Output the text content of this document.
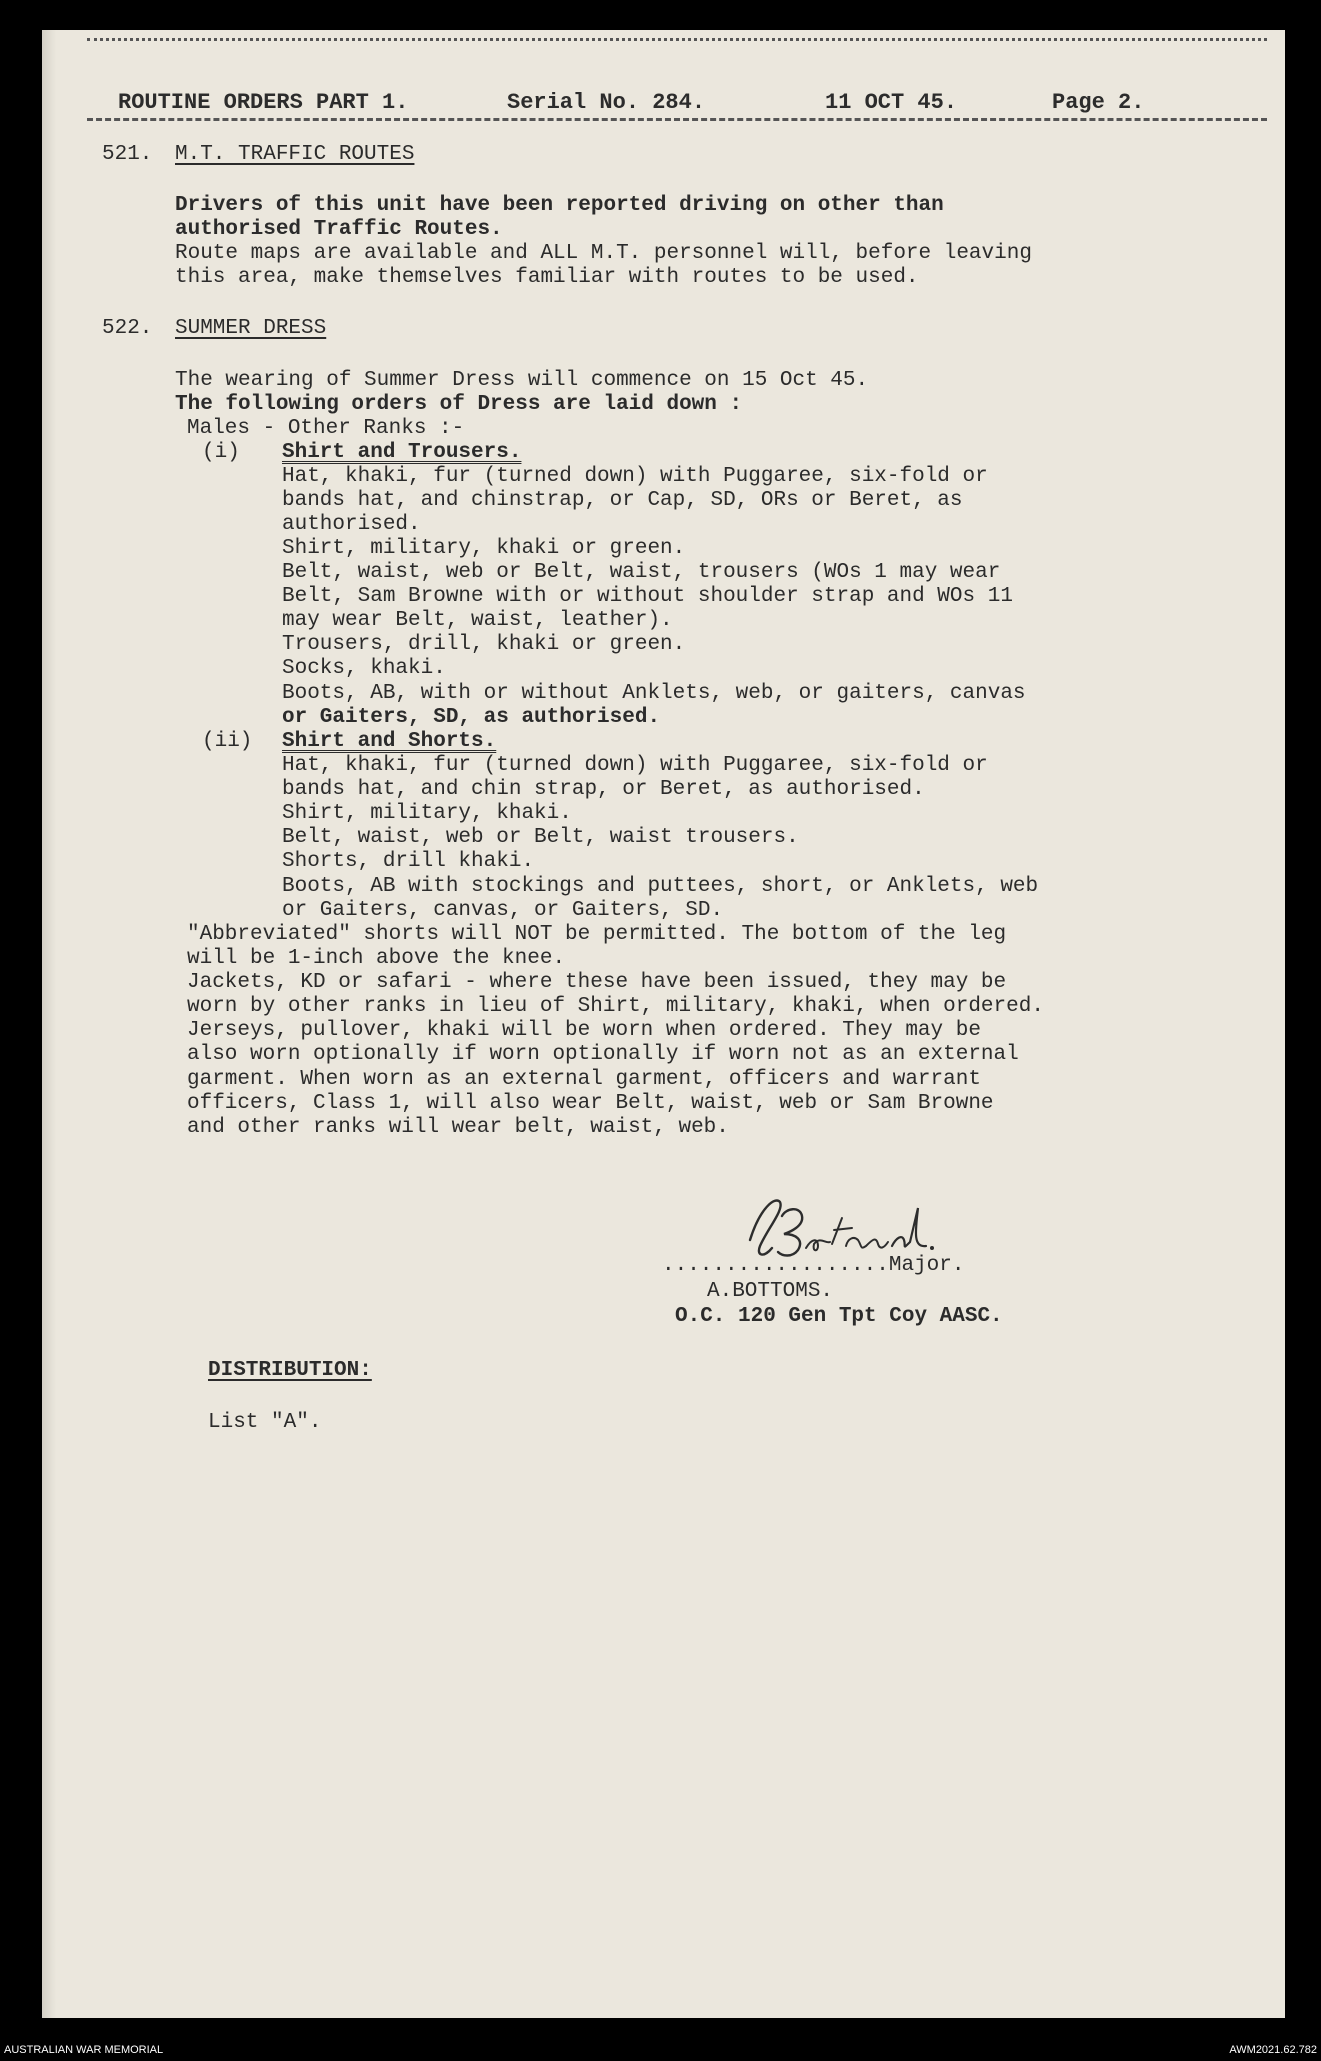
ROUTINE ORDERS PART 1.	Serial No. 284.	11 OCT 45.	Page 2.
521. M.T. TRAFFIC ROUTES
Drivers of this unit have been reported driving on other than
authorised Traffic Routes.
Route maps are available and ALL M.T. personnel will, before leaving
this area, make themselves familiar with routes to be used.
522. SUMMER DRESS
The wearing of Summer Dress will commence on 15 Oct 45.
The following orders of Dress are laid down :
Males - Other Ranks :-
(i) Shirt and Trousers.
Hat, khaki, fur (turned down) with Puggaree, six-fold or
bands hat, and chinstrap, or Cap, SD, ORs or Beret, as
authorised.
Shirt, military, khaki or green.
Belt, waist, web or Belt, waist, trousers (WOs 1 may wear
Belt, Sam Browne with or without shoulder strap and WOs 11
may wear Belt, waist, leather).
Trousers, drill, khaki or green.
Socks, khaki.
Boots, AB, with or without Anklets, web, or gaiters, canvas
or Gaiters, SD, as authorised.
(ii) Shirt and Shorts.
Hat, khaki, fur (turned down) with Puggaree, six-fold or
bands hat, and chin strap, or Beret, as authorised.
Shirt, military, khaki.
Belt, waist, web or Belt, waist trousers.
Shorts, drill khaki.
Boots, AB with stockings and puttees, short, or Anklets, web
or Gaiters, canvas, or Gaiters, SD.
"Abbreviated" shorts will NOT be permitted. The bottom of the leg
will be 1-inch above the knee.
Jackets, KD or safari - where these have been issued, they may be
worn by other ranks in lieu of Shirt, military, khaki, when ordered.
Jerseys, pullover, khaki will be worn when ordered. They may be
also worn optionally if worn optionally if worn not as an external
garment. When worn as an external garment, officers and warrant
officers, Class 1, will also wear Belt, waist, web or Sam Browne
and other ranks will wear belt, waist, web.
..................Major.
A.BOTTOMS.
O.C. 120 Gen Tpt Coy AASC.
DISTRIBUTION:
List "A".
AUSTRALIAN WAR MEMORIAL	AWM2021.62.782
